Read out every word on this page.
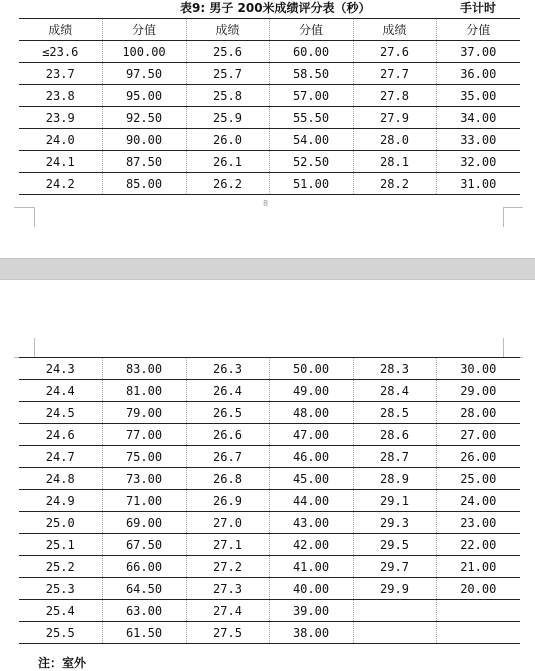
表9: 男子 200米成绩评分表（秒）	手计时
成绩	分值	成绩	分值	成绩	分值
≤23.6	100.00	25.6	60.00	27.6	37.00
23.7	97.50	25.7	58.50	27.7	36.00
23.8	95.00	25.8	57.00	27.8	35.00
23.9	92.50	25.9	55.50	27.9	34.00
24.0	90.00	26.0	54.00	28.0	33.00
24.1	87.50	26.1	52.50	28.1	32.00
24.2	85.00	26.2	51.00	28.2	31.00
8
24.3	83.00	26.3	50.00	28.3	30.00
24.4	81.00	26.4	49.00	28.4	29.00
24.5	79.00	26.5	48.00	28.5	28.00
24.6	77.00	26.6	47.00	28.6	27.00
24.7	75.00	26.7	46.00	28.7	26.00
24.8	73.00	26.8	45.00	28.9	25.00
24.9	71.00	26.9	44.00	29.1	24.00
25.0	69.00	27.0	43.00	29.3	23.00
25.1	67.50	27.1	42.00	29.5	22.00
25.2	66.00	27.2	41.00	29.7	21.00
25.3	64.50	27.3	40.00	29.9	20.00
25.4	63.00	27.4	39.00		
25.5	61.50	27.5	38.00		
注：室外
